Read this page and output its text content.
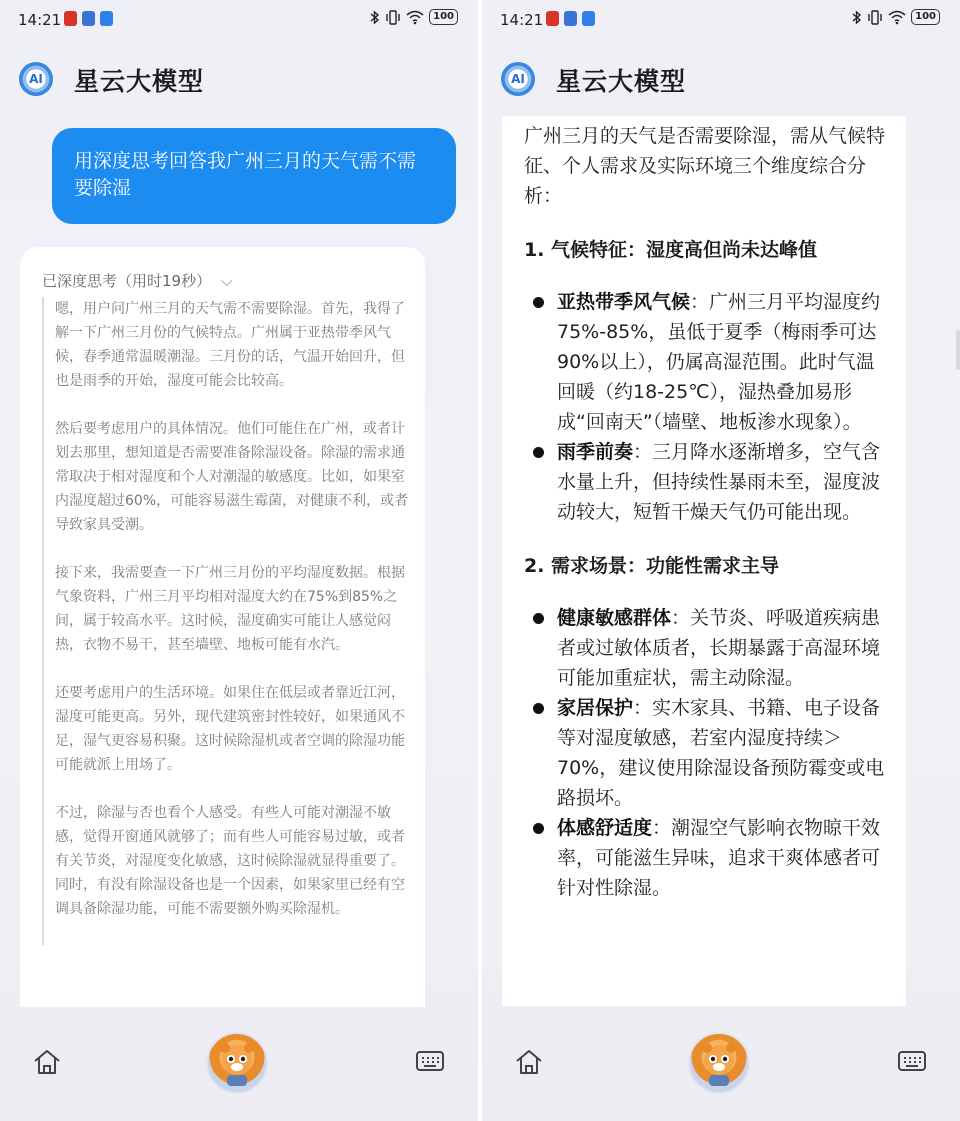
14:21	100
AI	星云大模型
用深度思考回答我广州三月的天气需不需要除湿
已深度思考（用时19秒） ⌵

嗯，用户问广州三月的天气需不需要除湿。首先，我得了解一下广州三月份的气候特点。广州属于亚热带季风气候，春季通常温暖潮湿。三月份的话，气温开始回升，但也是雨季的开始，湿度可能会比较高。

然后要考虑用户的具体情况。他们可能住在广州，或者计划去那里，想知道是否需要准备除湿设备。除湿的需求通常取决于相对湿度和个人对潮湿的敏感度。比如，如果室内湿度超过60%，可能容易滋生霉菌，对健康不利，或者导致家具受潮。

接下来，我需要查一下广州三月份的平均湿度数据。根据气象资料，广州三月平均相对湿度大约在75%到85%之间，属于较高水平。这时候，湿度确实可能让人感觉闷热，衣物不易干，甚至墙壁、地板可能有水汽。

还要考虑用户的生活环境。如果住在低层或者靠近江河，湿度可能更高。另外，现代建筑密封性较好，如果通风不足，湿气更容易积聚。这时候除湿机或者空调的除湿功能可能就派上用场了。

不过，除湿与否也看个人感受。有些人可能对潮湿不敏感，觉得开窗通风就够了；而有些人可能容易过敏，或者有关节炎，对湿度变化敏感，这时候除湿就显得重要了。同时，有没有除湿设备也是一个因素，如果家里已经有空调具备除湿功能，可能不需要额外购买除湿机。

14:21	100
AI	星云大模型

广州三月的天气是否需要除湿，需从气候特征、个人需求及实际环境三个维度综合分析：

1. 气候特征：湿度高但尚未达峰值

亚热带季风气候：广州三月平均湿度约75%-85%，虽低于夏季（梅雨季可达90%以上），仍属高湿范围。此时气温回暖（约18-25℃），湿热叠加易形成“回南天”（墙壁、地板渗水现象）。
雨季前奏：三月降水逐渐增多，空气含水量上升，但持续性暴雨未至，湿度波动较大，短暂干燥天气仍可能出现。

2. 需求场景：功能性需求主导

健康敏感群体：关节炎、呼吸道疾病患者或过敏体质者，长期暴露于高湿环境可能加重症状，需主动除湿。
家居保护：实木家具、书籍、电子设备等对湿度敏感，若室内湿度持续＞70%，建议使用除湿设备预防霉变或电路损坏。
体感舒适度：潮湿空气影响衣物晾干效率，可能滋生异味，追求干爽体感者可针对性除湿。
